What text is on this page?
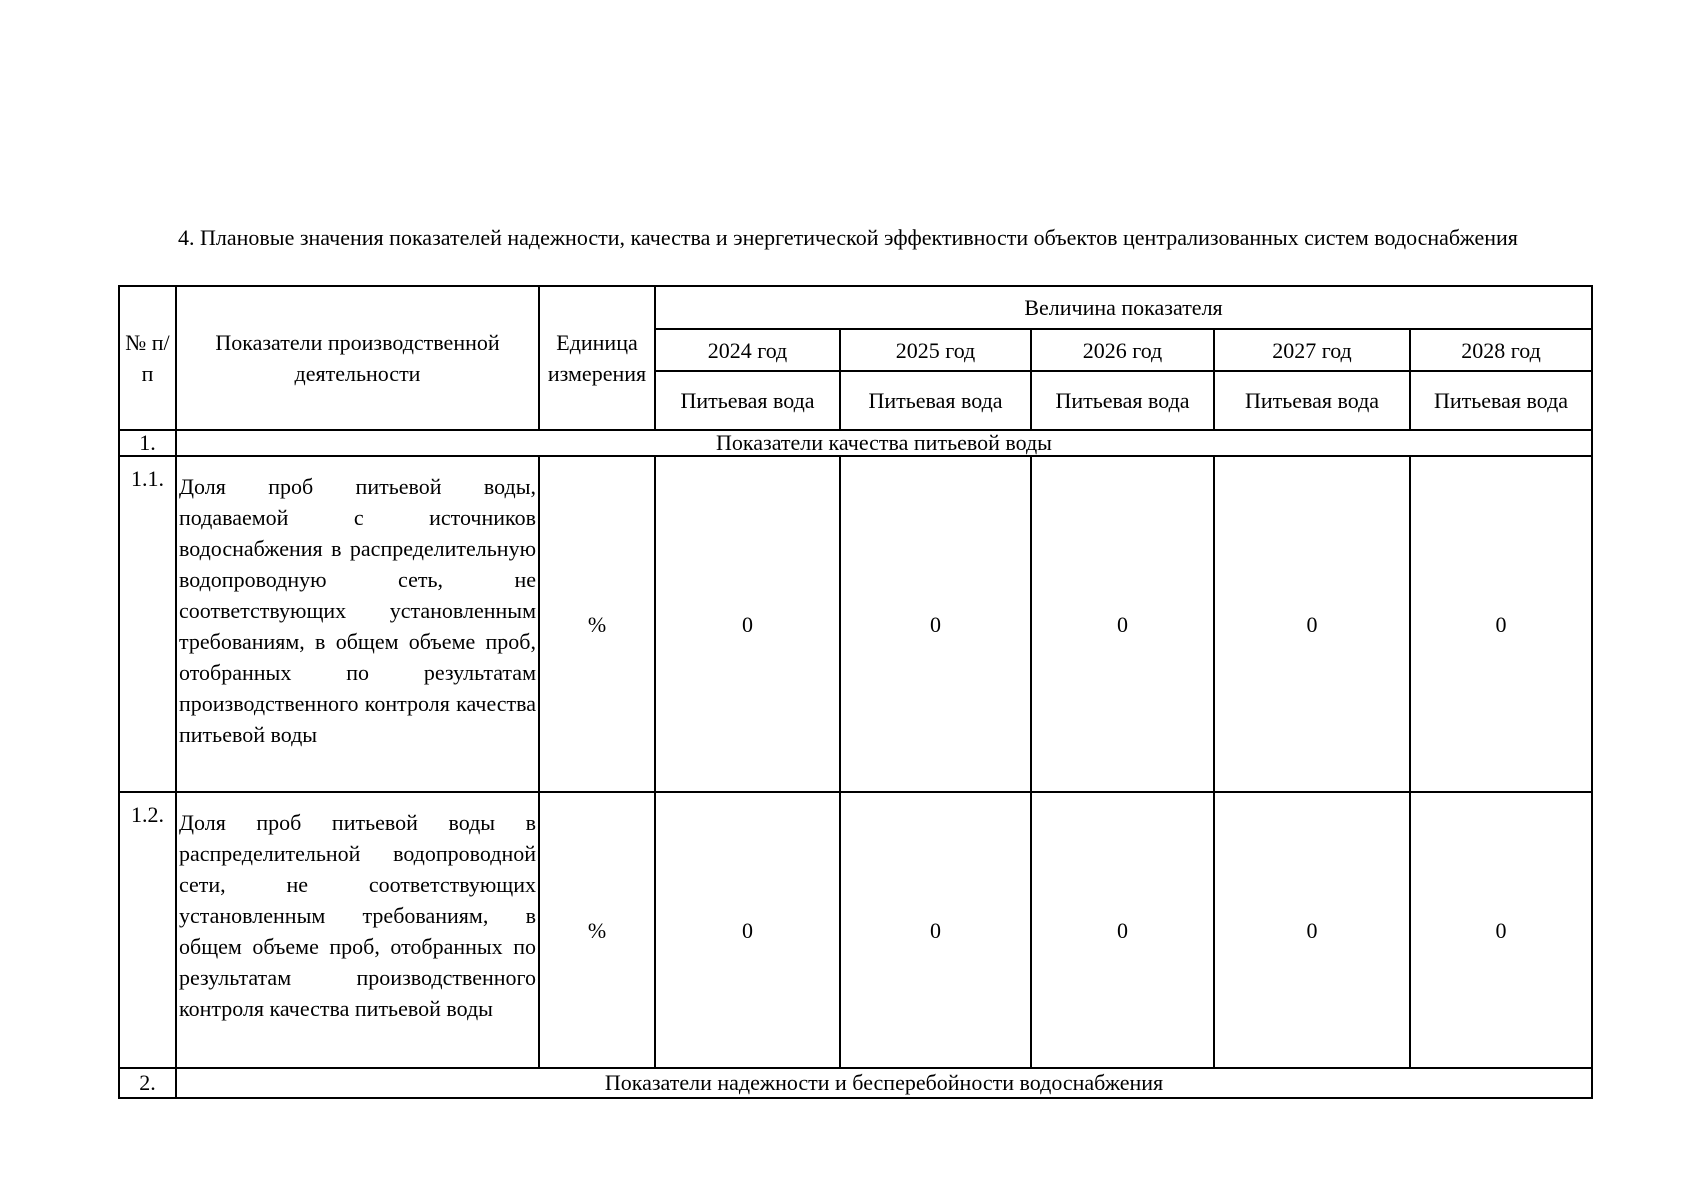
4. Плановые значения показателей надежности, качества и энергетической эффективности объектов централизованных систем водоснабжения
№ п/п	Показатели производственной деятельности	Единица измерения	Величина показателя				
			2024 год	2025 год	2026 год	2027 год	2028 год
			Питьевая вода	Питьевая вода	Питьевая вода	Питьевая вода	Питьевая вода
1.	Показатели качества питьевой воды						
1.1.	Доля проб питьевой воды, подаваемой с источников водоснабжения в распределительную водопроводную сеть, не соответствующих установленным требованиям, в общем объеме проб, отобранных по результатам производственного контроля качества питьевой воды	%	0	0	0	0	0
1.2.	Доля проб питьевой воды в распределительной водопроводной сети, не соответствующих установленным требованиям, в общем объеме проб, отобранных по результатам производственного контроля качества питьевой воды	%	0	0	0	0	0
2.	Показатели надежности и бесперебойности водоснабжения						
